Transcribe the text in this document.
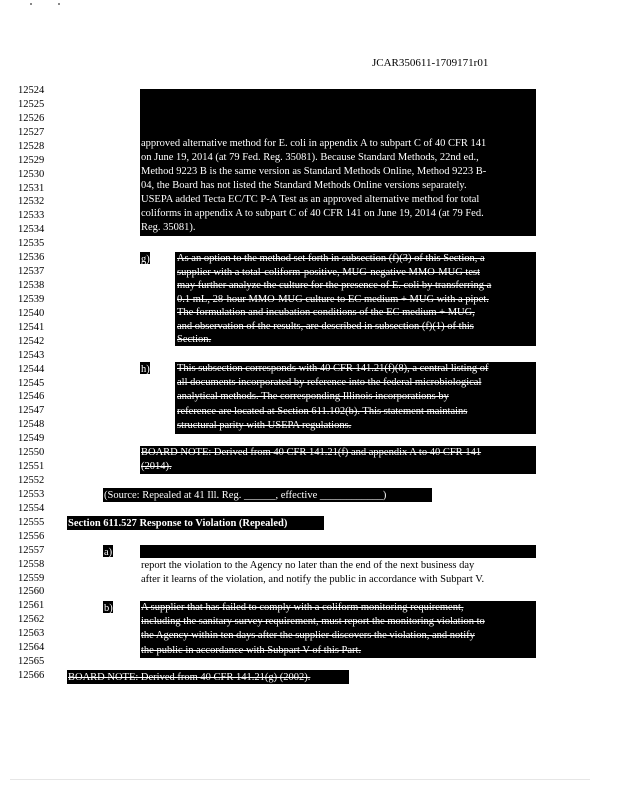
JCAR350611-1709171r01
12524
12525
12526
12527
12528
12529
12530
12531
12532
12533
12534
12535
12536
12537
12538
12539
12540
12541
12542
12543
12544
12545
12546
12547
12548
12549
12550
12551
12552
12553
12554
12555
12556
12557
12558
12559
12560
12561
12562
12563
12564
12565
12566
approved alternative method for E. coli in appendix A to subpart C of 40 CFR 141
on June 19, 2014 (at 79 Fed. Reg. 35081). Because Standard Methods, 22nd ed.,
Method 9223 B is the same version as Standard Methods Online, Method 9223 B-
04, the Board has not listed the Standard Methods Online versions separately.
USEPA added Tecta EC/TC P-A Test as an approved alternative method for total
coliforms in appendix A to subpart C of 40 CFR 141 on June 19, 2014 (at 79 Fed.
Reg. 35081).
g)	As an option to the method set forth in subsection (f)(3) of this Section, a
supplier with a total-coliform-positive, MUG-negative MMO-MUG test
may further analyze the culture for the presence of E. coli by transferring a
0.1 mL, 28-hour MMO-MUG culture to EC medium + MUG with a pipet.
The formulation and incubation conditions of the EC medium + MUG,
and observation of the results, are described in subsection (f)(1) of this
Section.
h)	This subsection corresponds with 40 CFR 141.21(f)(8), a central listing of
all documents incorporated by reference into the federal microbiological
analytical methods. The corresponding Illinois incorporations by
reference are located at Section 611.102(b). This statement maintains
structural parity with USEPA regulations.
BOARD NOTE: Derived from 40 CFR 141.21(f) and appendix A to 40 CFR 141
(2014).
(Source: Repealed at 41 Ill. Reg. ______, effective ____________)
Section 611.527 Response to Violation (Repealed)
a)	A supplier that has exceeded the MCL for total coliforms in Section 611.325 must
report the violation to the Agency no later than the end of the next business day
after it learns of the violation, and notify the public in accordance with Subpart V.
b)	A supplier that has failed to comply with a coliform monitoring requirement,
including the sanitary survey requirement, must report the monitoring violation to
the Agency within ten days after the supplier discovers the violation, and notify
the public in accordance with Subpart V of this Part.
BOARD NOTE: Derived from 40 CFR 141.21(g) (2002).
